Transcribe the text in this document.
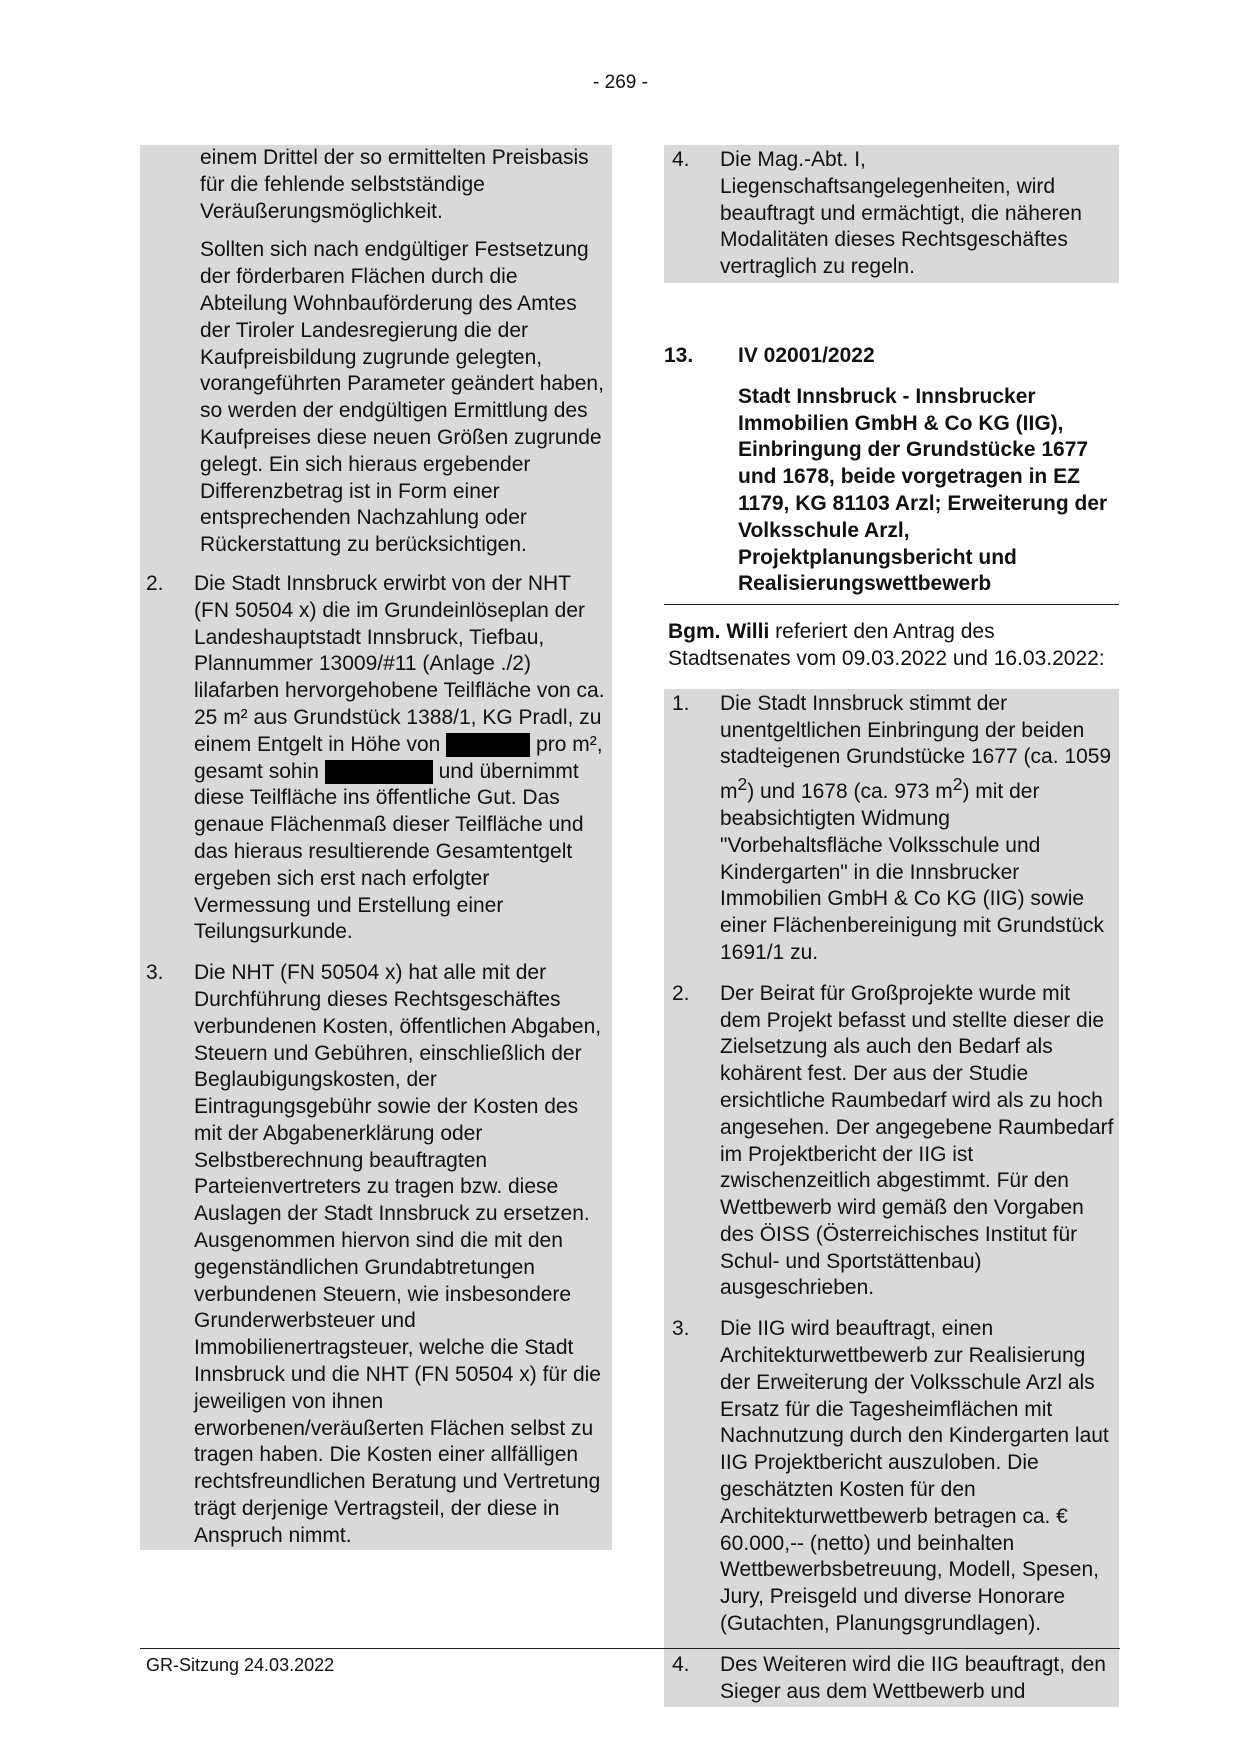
- 269 -

einem Drittel der so ermittelten Preisbasis für die fehlende selbstständige Veräußerungsmöglichkeit.

Sollten sich nach endgültiger Festsetzung der förderbaren Flächen durch die Abteilung Wohnbauförderung des Amtes der Tiroler Landesregierung die der Kaufpreisbildung zugrunde gelegten, vorangeführten Parameter geändert haben, so werden der endgültigen Ermittlung des Kaufpreises diese neuen Größen zugrunde gelegt. Ein sich hieraus ergebender Differenzbetrag ist in Form einer entsprechenden Nachzahlung oder Rückerstattung zu berücksichtigen.

2.	Die Stadt Innsbruck erwirbt von der NHT (FN 50504 x) die im Grundeinlöseplan der Landeshauptstadt Innsbruck, Tiefbau, Plannummer 13009/#11 (Anlage ./2) lilafarben hervorgehobene Teilfläche von ca. 25 m² aus Grundstück 1388/1, KG Pradl, zu einem Entgelt in Höhe von	pro m², gesamt sohin	und übernimmt diese Teilfläche ins öffentliche Gut. Das genaue Flächenmaß dieser Teilfläche und das hieraus resultierende Gesamtentgelt ergeben sich erst nach erfolgter Vermessung und Erstellung einer Teilungsurkunde.
3.	Die NHT (FN 50504 x) hat alle mit der Durchführung dieses Rechtsgeschäftes verbundenen Kosten, öffentlichen Abgaben, Steuern und Gebühren, einschließlich der Beglaubigungskosten, der Eintragungsgebühr sowie der Kosten des mit der Abgabenerklärung oder Selbstberechnung beauftragten Parteienvertreters zu tragen bzw. diese Auslagen der Stadt Innsbruck zu ersetzen. Ausgenommen hiervon sind die mit den gegenständlichen Grundabtretungen verbundenen Steuern, wie insbesondere Grunderwerbsteuer und Immobilienertragsteuer, welche die Stadt Innsbruck und die NHT (FN 50504 x) für die jeweiligen von ihnen erworbenen/veräußerten Flächen selbst zu tragen haben. Die Kosten einer allfälligen rechtsfreundlichen Beratung und Vertretung trägt derjenige Vertragsteil, der diese in Anspruch nimmt.
4.	Die Mag.-Abt. I, Liegenschaftsangelegenheiten, wird beauftragt und ermächtigt, die näheren Modalitäten dieses Rechtsgeschäftes vertraglich zu regeln.
13.	IV 02001/2022
Stadt Innsbruck - Innsbrucker Immobilien GmbH & Co KG (IIG), Einbringung der Grundstücke 1677 und 1678, beide vorgetragen in EZ 1179, KG 81103 Arzl; Erweiterung der Volksschule Arzl, Projektplanungsbericht und Realisierungswettbewerb

Bgm. Willi referiert den Antrag des Stadtsenates vom 09.03.2022 und 16.03.2022:

1.	Die Stadt Innsbruck stimmt der unentgeltlichen Einbringung der beiden stadteigenen Grundstücke 1677 (ca. 1059 $m^2$) und 1678 (ca. 973 $m^2$) mit der beabsichtigten Widmung "Vorbehaltsfläche Volksschule und Kindergarten" in die Innsbrucker Immobilien GmbH & Co KG (IIG) sowie einer Flächenbereinigung mit Grundstück 1691/1 zu.
2.	Der Beirat für Großprojekte wurde mit dem Projekt befasst und stellte dieser die Zielsetzung als auch den Bedarf als kohärent fest. Der aus der Studie ersichtliche Raumbedarf wird als zu hoch angesehen. Der angegebene Raumbedarf im Projektbericht der IIG ist zwischenzeitlich abgestimmt. Für den Wettbewerb wird gemäß den Vorgaben des ÖISS (Österreichisches Institut für Schul- und Sportstättenbau) ausgeschrieben.
3.	Die IIG wird beauftragt, einen Architekturwettbewerb zur Realisierung der Erweiterung der Volksschule Arzl als Ersatz für die Tagesheimflächen mit Nachnutzung durch den Kindergarten laut IIG Projektbericht auszuloben. Die geschätzten Kosten für den Architekturwettbewerb betragen ca. € 60.000,-- (netto) und beinhalten Wettbewerbsbetreuung, Modell, Spesen, Jury, Preisgeld und diverse Honorare (Gutachten, Planungsgrundlagen).
4.	Des Weiteren wird die IIG beauftragt, den Sieger aus dem Wettbewerb und
GR-Sitzung 24.03.2022
